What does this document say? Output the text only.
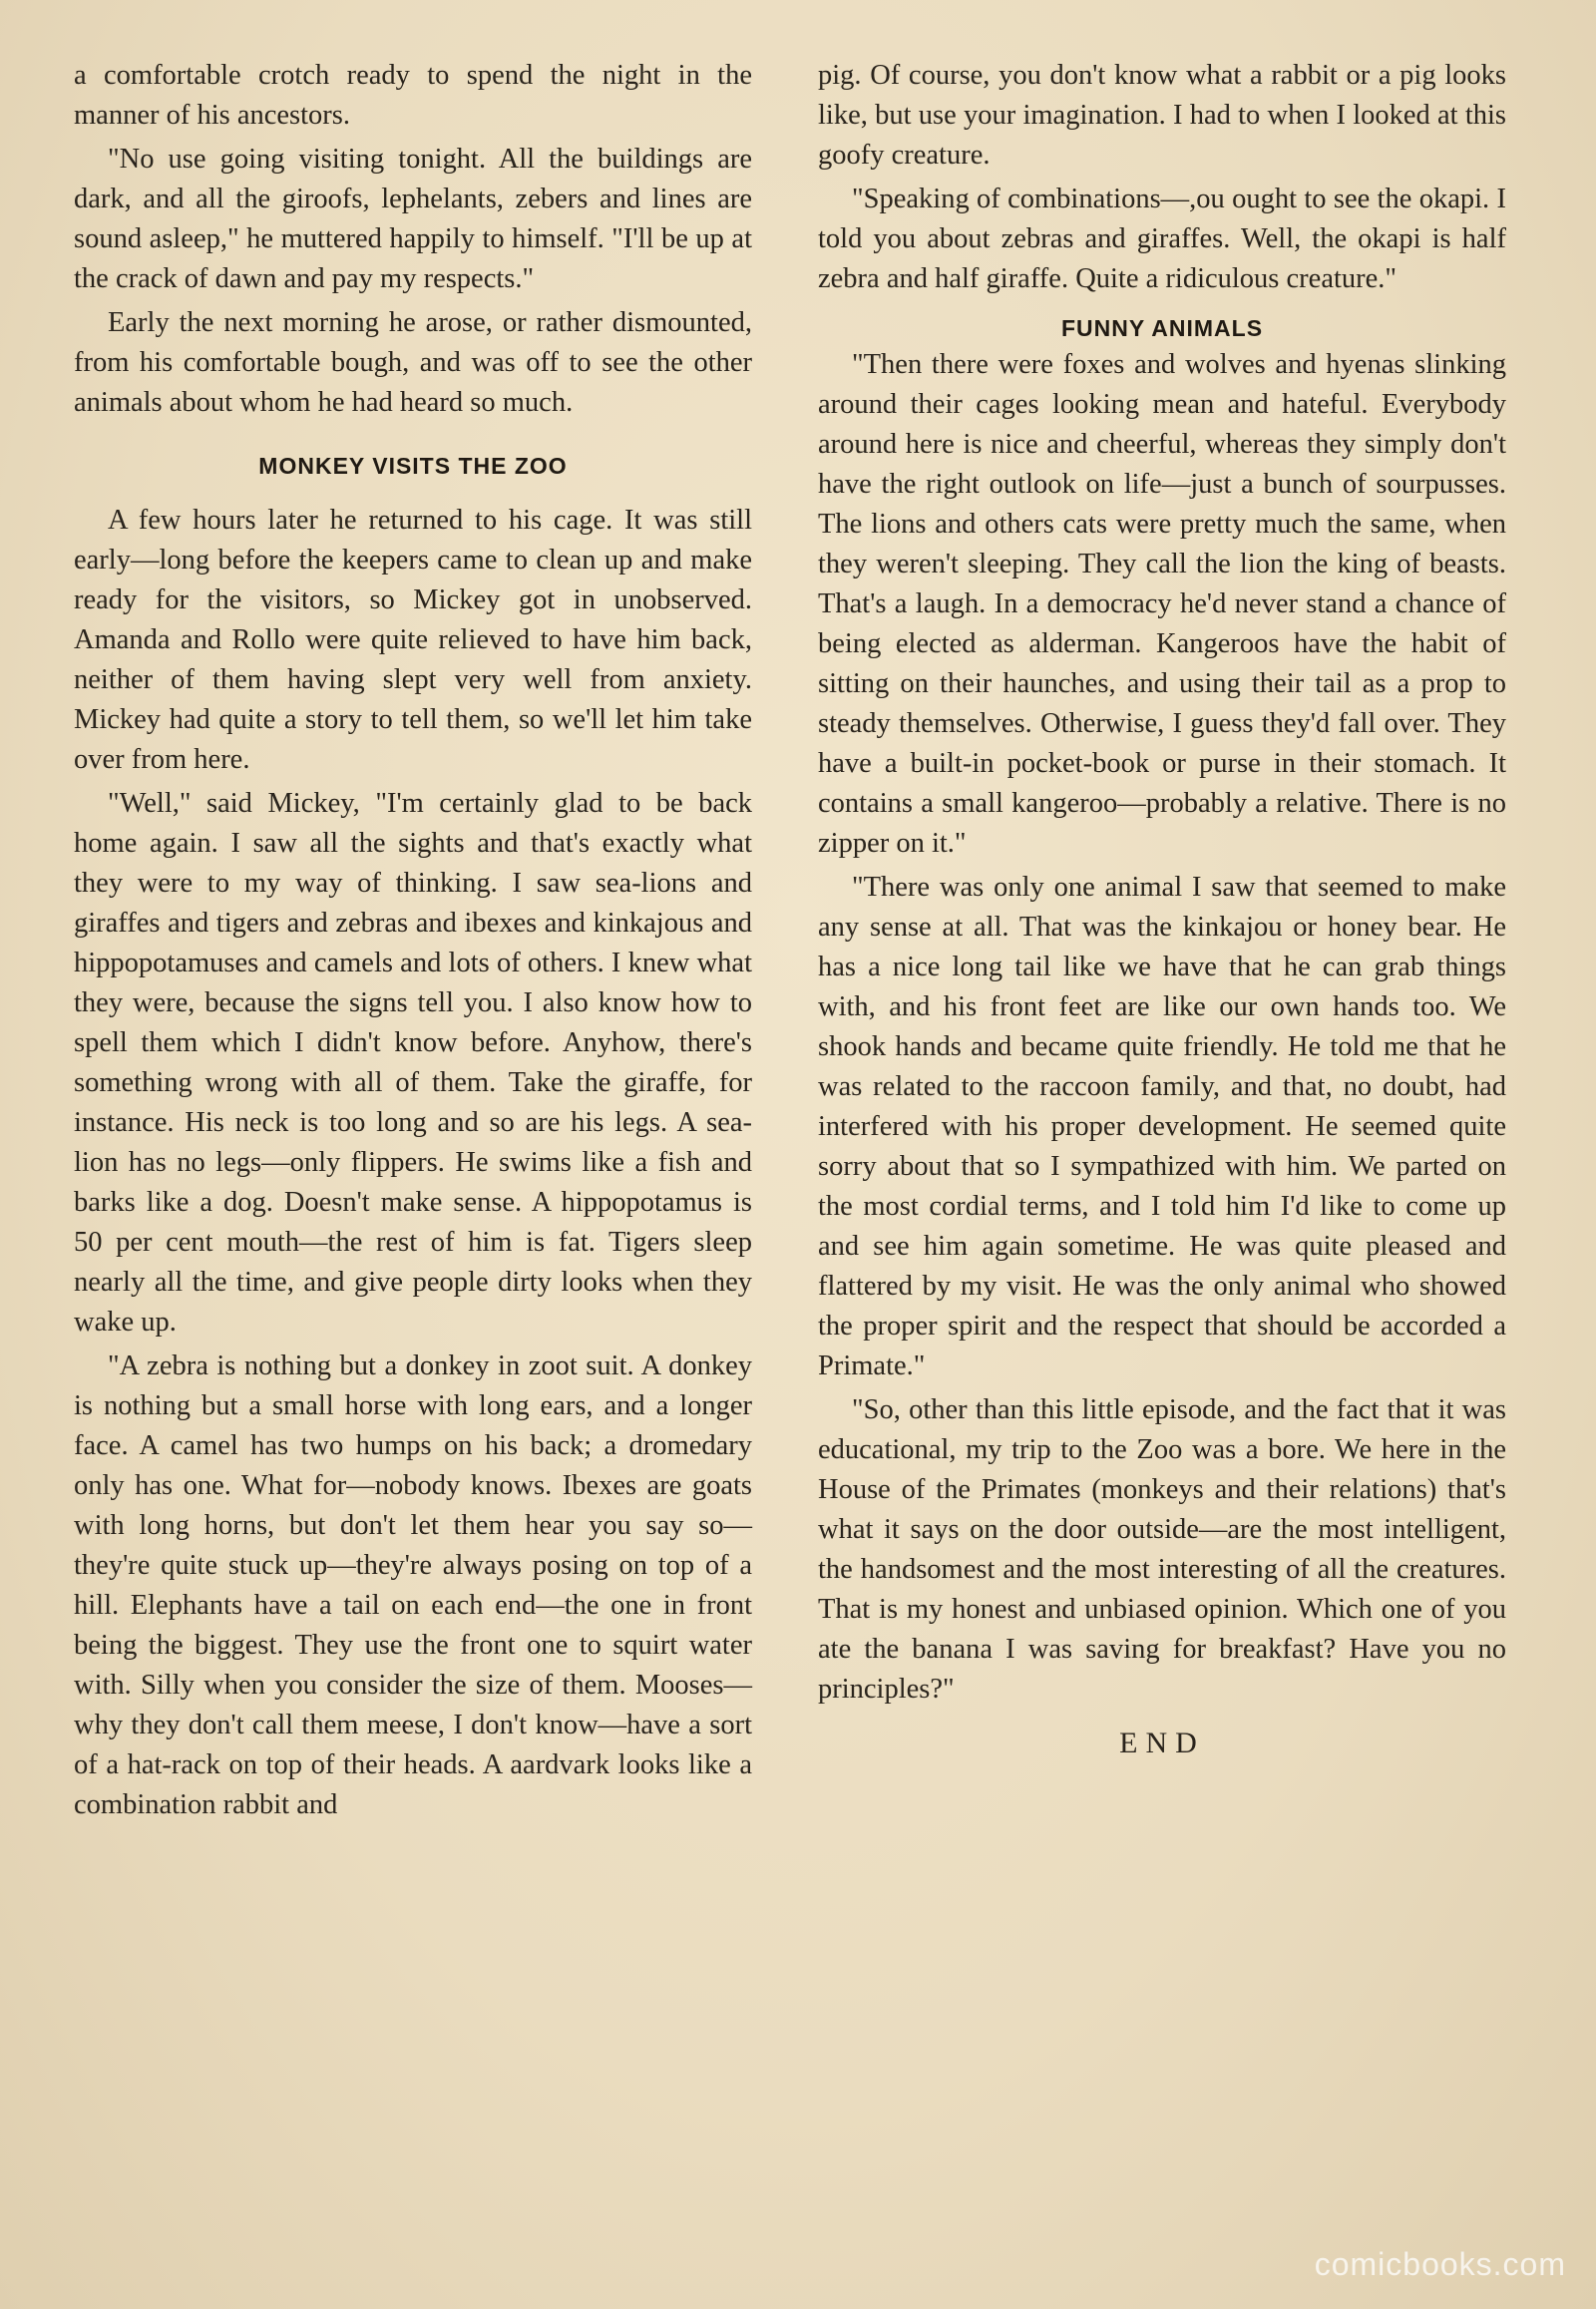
a comfortable crotch ready to spend the night in the manner of his ancestors.

"No use going visiting tonight. All the buildings are dark, and all the giroofs, lephelants, zebers and lines are sound asleep," he muttered happily to himself. "I'll be up at the crack of dawn and pay my respects."

Early the next morning he arose, or rather dismounted, from his comfortable bough, and was off to see the other animals about whom he had heard so much.

MONKEY VISITS THE ZOO

A few hours later he returned to his cage. It was still early—long before the keepers came to clean up and make ready for the visitors, so Mickey got in unobserved. Amanda and Rollo were quite relieved to have him back, neither of them having slept very well from anxiety. Mickey had quite a story to tell them, so we'll let him take over from here.

"Well," said Mickey, "I'm certainly glad to be back home again. I saw all the sights and that's exactly what they were to my way of thinking. I saw sea-lions and giraffes and tigers and zebras and ibexes and kinkajous and hippopotamuses and camels and lots of others. I knew what they were, because the signs tell you. I also know how to spell them which I didn't know before. Anyhow, there's something wrong with all of them. Take the giraffe, for instance. His neck is too long and so are his legs. A sea-lion has no legs—only flippers. He swims like a fish and barks like a dog. Doesn't make sense. A hippopotamus is 50 per cent mouth—the rest of him is fat. Tigers sleep nearly all the time, and give people dirty looks when they wake up.

"A zebra is nothing but a donkey in zoot suit. A donkey is nothing but a small horse with long ears, and a longer face. A camel has two humps on his back; a dromedary only has one. What for—nobody knows. Ibexes are goats with long horns, but don't let them hear you say so—they're quite stuck up—they're always posing on top of a hill. Elephants have a tail on each end—the one in front being the biggest. They use the front one to squirt water with. Silly when you consider the size of them. Mooses—why they don't call them meese, I don't know—have a sort of a hat-rack on top of their heads. A aardvark looks like a combination rabbit and

pig. Of course, you don't know what a rabbit or a pig looks like, but use your imagination. I had to when I looked at this goofy creature.

"Speaking of combinations—,ou ought to see the okapi. I told you about zebras and giraffes. Well, the okapi is half zebra and half giraffe. Quite a ridiculous creature."

FUNNY ANIMALS

"Then there were foxes and wolves and hyenas slinking around their cages looking mean and hateful. Everybody around here is nice and cheerful, whereas they simply don't have the right outlook on life—just a bunch of sourpusses. The lions and others cats were pretty much the same, when they weren't sleeping. They call the lion the king of beasts. That's a laugh. In a democracy he'd never stand a chance of being elected as alderman. Kangeroos have the habit of sitting on their haunches, and using their tail as a prop to steady themselves. Otherwise, I guess they'd fall over. They have a built-in pocket-book or purse in their stomach. It contains a small kangeroo—probably a relative. There is no zipper on it."

"There was only one animal I saw that seemed to make any sense at all. That was the kinkajou or honey bear. He has a nice long tail like we have that he can grab things with, and his front feet are like our own hands too. We shook hands and became quite friendly. He told me that he was related to the raccoon family, and that, no doubt, had interfered with his proper development. He seemed quite sorry about that so I sympathized with him. We parted on the most cordial terms, and I told him I'd like to come up and see him again sometime. He was quite pleased and flattered by my visit. He was the only animal who showed the proper spirit and the respect that should be accorded a Primate."

"So, other than this little episode, and the fact that it was educational, my trip to the Zoo was a bore. We here in the House of the Primates (monkeys and their relations) that's what it says on the door outside—are the most intelligent, the handsomest and the most interesting of all the creatures. That is my honest and unbiased opinion. Which one of you ate the banana I was saving for breakfast? Have you no principles?"

END
comicbooks.com
